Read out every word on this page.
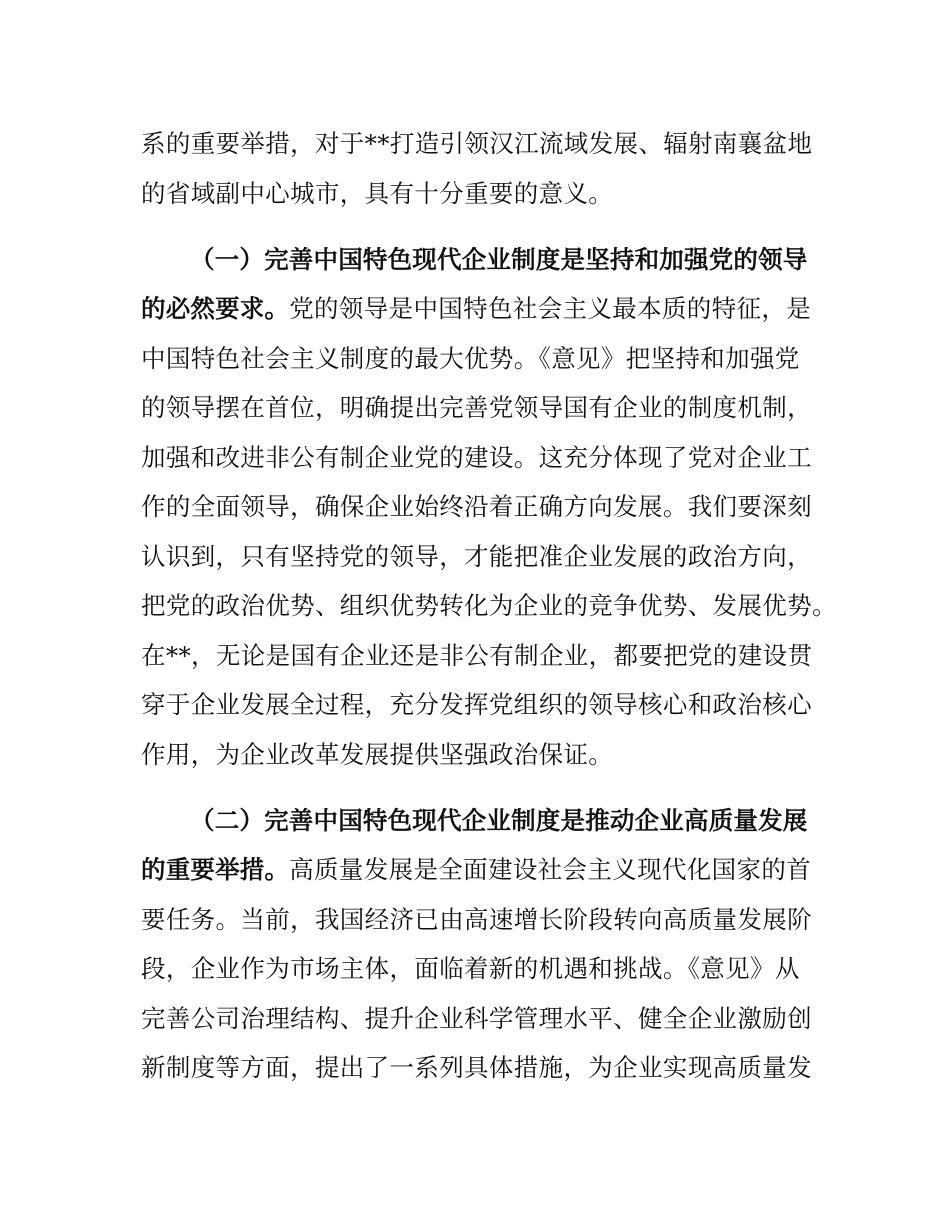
系的重要举措，对于**打造引领汉江流域发展、辐射南襄盆地
的省域副中心城市，具有十分重要的意义。
（一）完善中国特色现代企业制度是坚持和加强党的领导
的必然要求。党的领导是中国特色社会主义最本质的特征，是
中国特色社会主义制度的最大优势。《意见》把坚持和加强党
的领导摆在首位，明确提出完善党领导国有企业的制度机制，
加强和改进非公有制企业党的建设。这充分体现了党对企业工
作的全面领导，确保企业始终沿着正确方向发展。我们要深刻
认识到，只有坚持党的领导，才能把准企业发展的政治方向，
把党的政治优势、组织优势转化为企业的竞争优势、发展优势。
在**，无论是国有企业还是非公有制企业，都要把党的建设贯
穿于企业发展全过程，充分发挥党组织的领导核心和政治核心
作用，为企业改革发展提供坚强政治保证。
（二）完善中国特色现代企业制度是推动企业高质量发展
的重要举措。高质量发展是全面建设社会主义现代化国家的首
要任务。当前，我国经济已由高速增长阶段转向高质量发展阶
段，企业作为市场主体，面临着新的机遇和挑战。《意见》从
完善公司治理结构、提升企业科学管理水平、健全企业激励创
新制度等方面，提出了一系列具体措施，为企业实现高质量发
